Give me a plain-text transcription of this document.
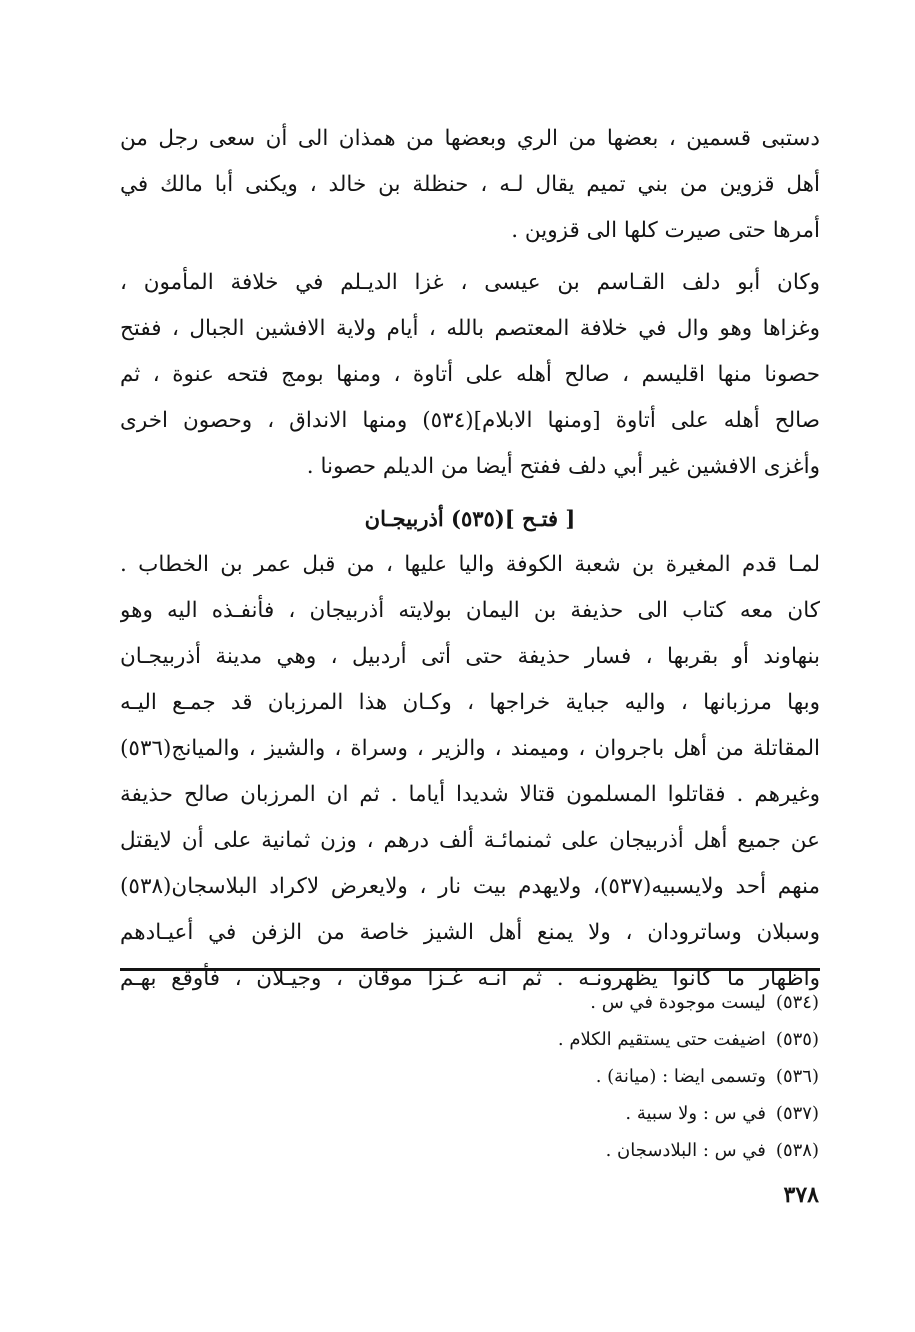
دستبى قسمين ، بعضها من الري وبعضها من همذان الى أن سعى رجل من
أهل قزوين من بني تميم يقال لـه ، حنظلة بن خالد ، ويكنى أبا مالك في
أمرها حتى صيرت كلها الى قزوين .
وكان أبو دلف القـاسم بن عيسى ، غزا الديـلم في خلافة المأمون ،
وغزاها وهو وال في خلافة المعتصم بالله ، أيام ولاية الافشين الجبال ، ففتح
حصونا منها اقليسم ، صالح أهله على أتاوة ، ومنها بومج فتحه عنوة ، ثم
صالح أهله على أتاوة [ومنها الابلام](٥٣٤) ومنها الانداق ، وحصون اخرى
وأغزى الافشين غير أبي دلف ففتح أيضا من الديلم حصونا .
[ فتـح ](٥٣٥) أذربيجـان
لمـا قدم المغيرة بن شعبة الكوفة واليا عليها ، من قبل عمر بن الخطاب .
كان معه كتاب الى حذيفة بن اليمان بولايته أذربيجان ، فأنفـذه اليه وهو
بنهاوند أو بقربها ، فسار حذيفة حتى أتى أردبيل ، وهي مدينة أذربيجـان
وبها مرزبانها ، واليه جباية خراجها ، وكـان هذا المرزبان قد جمـع اليـه
المقاتلة من أهل باجروان ، وميمند ، والزير ، وسراة ، والشيز ، والميانج(٥٣٦)
وغيرهم . فقاتلوا المسلمون قتالا شديدا أياما . ثم ان المرزبان صالح حذيفة
عن جميع أهل أذربيجان على ثمنمائـة ألف درهم ، وزن ثمانية على أن لايقتل
منهم أحد ولايسبيه(٥٣٧)، ولايهدم بيت نار ، ولايعرض لاكراد البلاسجان(٥٣٨)
وسبلان وساترودان ، ولا يمنع أهل الشيز خاصة من الزفن في أعيـادهم
واظهار ما كانوا يظهرونـه . ثم انـه غـزا موقان ، وجيـلان ، فأوقع بهـم
(٥٣٤)ليست موجودة في س .
(٥٣٥)اضيفت حتى يستقيم الكلام .
(٥٣٦)وتسمى ايضا : (ميانة) .
(٥٣٧)في س : ولا سبية .
(٥٣٨)في س : البلادسجان .
٣٧٨
